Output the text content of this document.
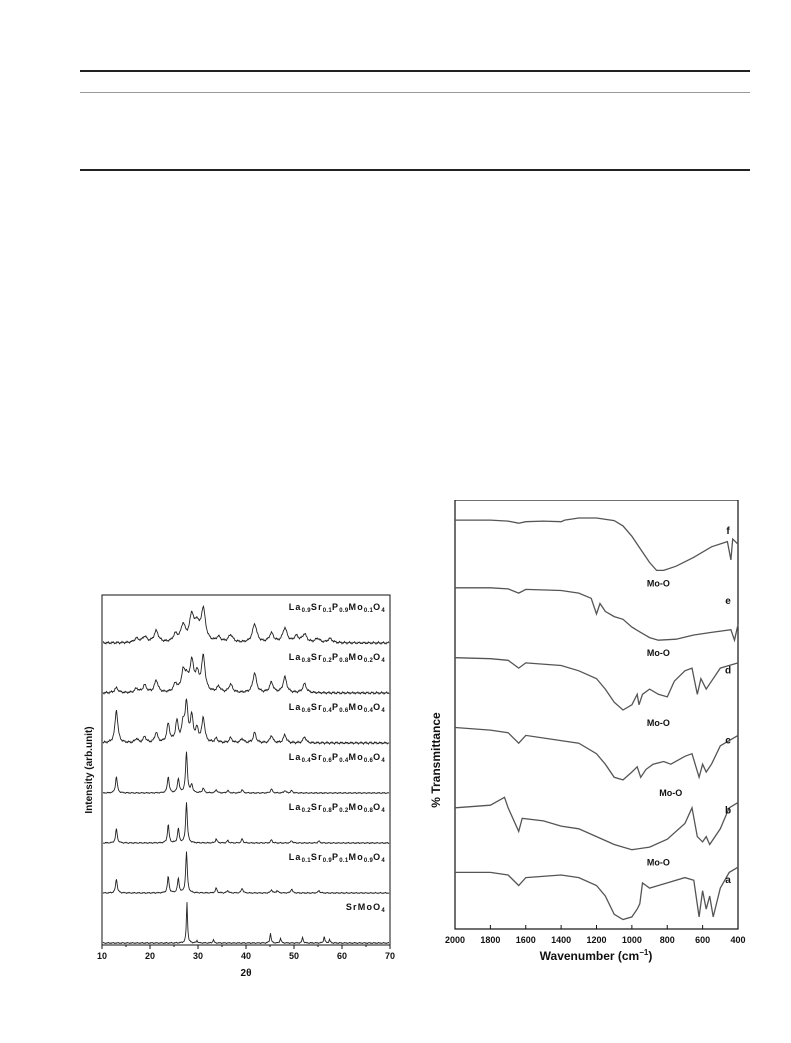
$La_{0.9}Sr_{0.1}P_{0.9}Mo_{0.1}O_4$
$La_{0.8}Sr_{0.2}P_{0.8}Mo_{0.2}O_4$
$La_{0.6}Sr_{0.4}P_{0.6}Mo_{0.4}O_4$
$La_{0.4}Sr_{0.6}P_{0.4}Mo_{0.6}O_4$
$La_{0.2}Sr_{0.8}P_{0.2}Mo_{0.8}O_4$
$La_{0.1}Sr_{0.9}P_{0.1}Mo_{0.9}O_4$
SrMoO$_4$
10	20	30	40	50	60	70
Intensity (arb.unit)
2θ
f
Mo-O
e
Mo-O
d
Mo-O
c
Mo-O
b
Mo-O
a
2000 1800 1600 1400 1200 1000 800 600 400
% Transmittance
Wavenumber $(cm^{-1})$
